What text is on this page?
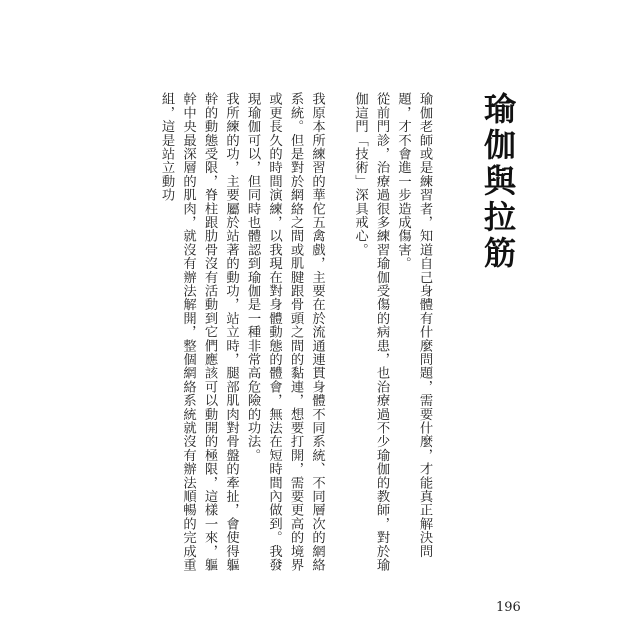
瑜伽與拉筋

瑜伽老師或是練習者，知道自己身體有什麼問題，需要什麼，才能真正解決問題，才不會進一步造成傷害。

從前門診，治療過很多練習瑜伽受傷的病患，也治療過不少瑜伽的教師，對於瑜伽這門「技術」深具戒心。

我原本所練習的華佗五禽戲，主要在於流通連貫身體不同系統、不同層次的網絡系統。但是對於網絡之間或肌腱跟骨頭之間的黏連，想要打開，需要更高的境界或更長久的時間演練，以我現在對身體動態的體會，無法在短時間內做到。我發現瑜伽可以，但同時也體認到瑜伽是一種非常高危險的功法。

我所練的功，主要屬於站著的動功，站立時，腿部肌肉對骨盤的牽扯，會使得軀幹的動態受限，脊柱跟肋骨沒有活動到它們應該可以動開的極限，這樣一來，軀幹中央最深層的肌肉，就沒有辦法解開，整個網絡系統就沒有辦法順暢的完成重組，這是站立動功

196
